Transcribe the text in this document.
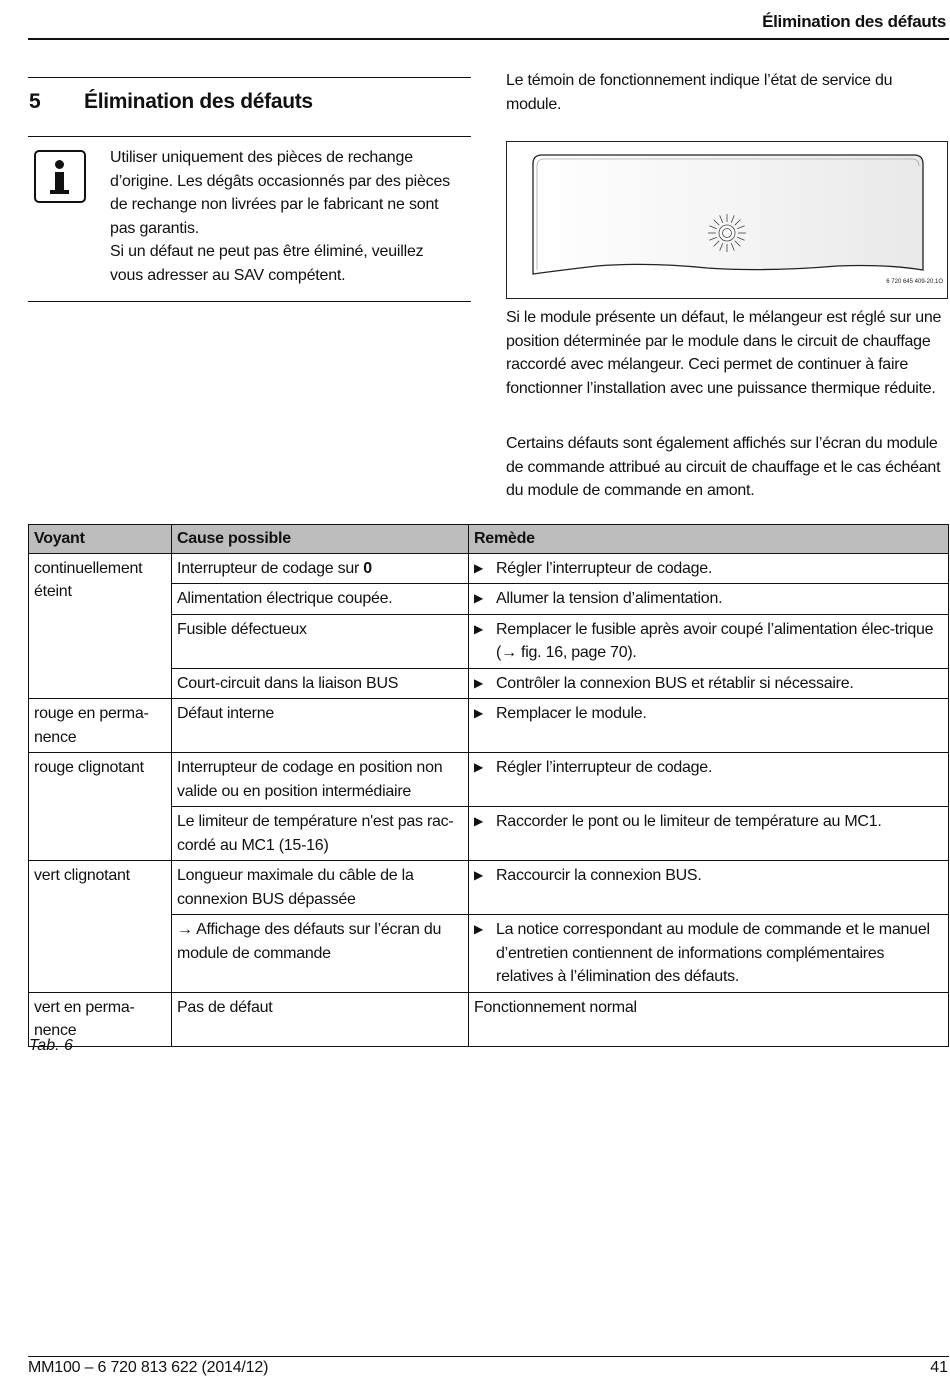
Élimination des défauts
5 Élimination des défauts

Utiliser uniquement des pièces de rechange d’origine. Les dégâts occasionnés par des pièces de rechange non livrées par le fabricant ne sont pas garantis.

Si un défaut ne peut pas être éliminé, veuillez vous adresser au SAV compétent.

Le témoin de fonctionnement indique l’état de service du module.

6 720 645 409-20.1O

Si le module présente un défaut, le mélangeur est réglé sur une position déterminée par le module dans le circuit de chauffage raccordé avec mélangeur. Ceci permet de continuer à faire fonctionner l’installation avec une puissance thermique réduite.

Certains défauts sont également affichés sur l’écran du module de commande attribué au circuit de chauffage et le cas échéant du module de commande en amont.

Voyant	Cause possible	Remède
continuellement éteint	Interrupteur de codage sur 0	▶ Régler l’interrupteur de codage.

	Alimentation électrique coupée.	▶ Allumer la tension d’alimentation.

	Fusible défectueux	▶ Remplacer le fusible après avoir coupé l’alimentation élec-trique (→ fig. 16, page 70).

	Court-circuit dans la liaison BUS	▶ Contrôler la connexion BUS et rétablir si nécessaire.

rouge en perma-nence	Défaut interne	▶ Remplacer le module.

rouge clignotant	Interrupteur de codage en position non valide ou en position intermédiaire	▶ Régler l’interrupteur de codage.

	Le limiteur de température n'est pas rac-cordé au MC1 (15-16)	▶ Raccorder le pont ou le limiteur de température au MC1.

vert clignotant	Longueur maximale du câble de la connexion BUS dépassée	▶ Raccourcir la connexion BUS.

	→ Affichage des défauts sur l’écran du module de commande	▶ La notice correspondant au module de commande et le manuel d’entretien contiennent de informations complémentaires relatives à l’élimination des défauts.

vert en perma-nence	Pas de défaut	Fonctionnement normal
Tab. 6
MM100 – 6 720 813 622 (2014/12)	41
